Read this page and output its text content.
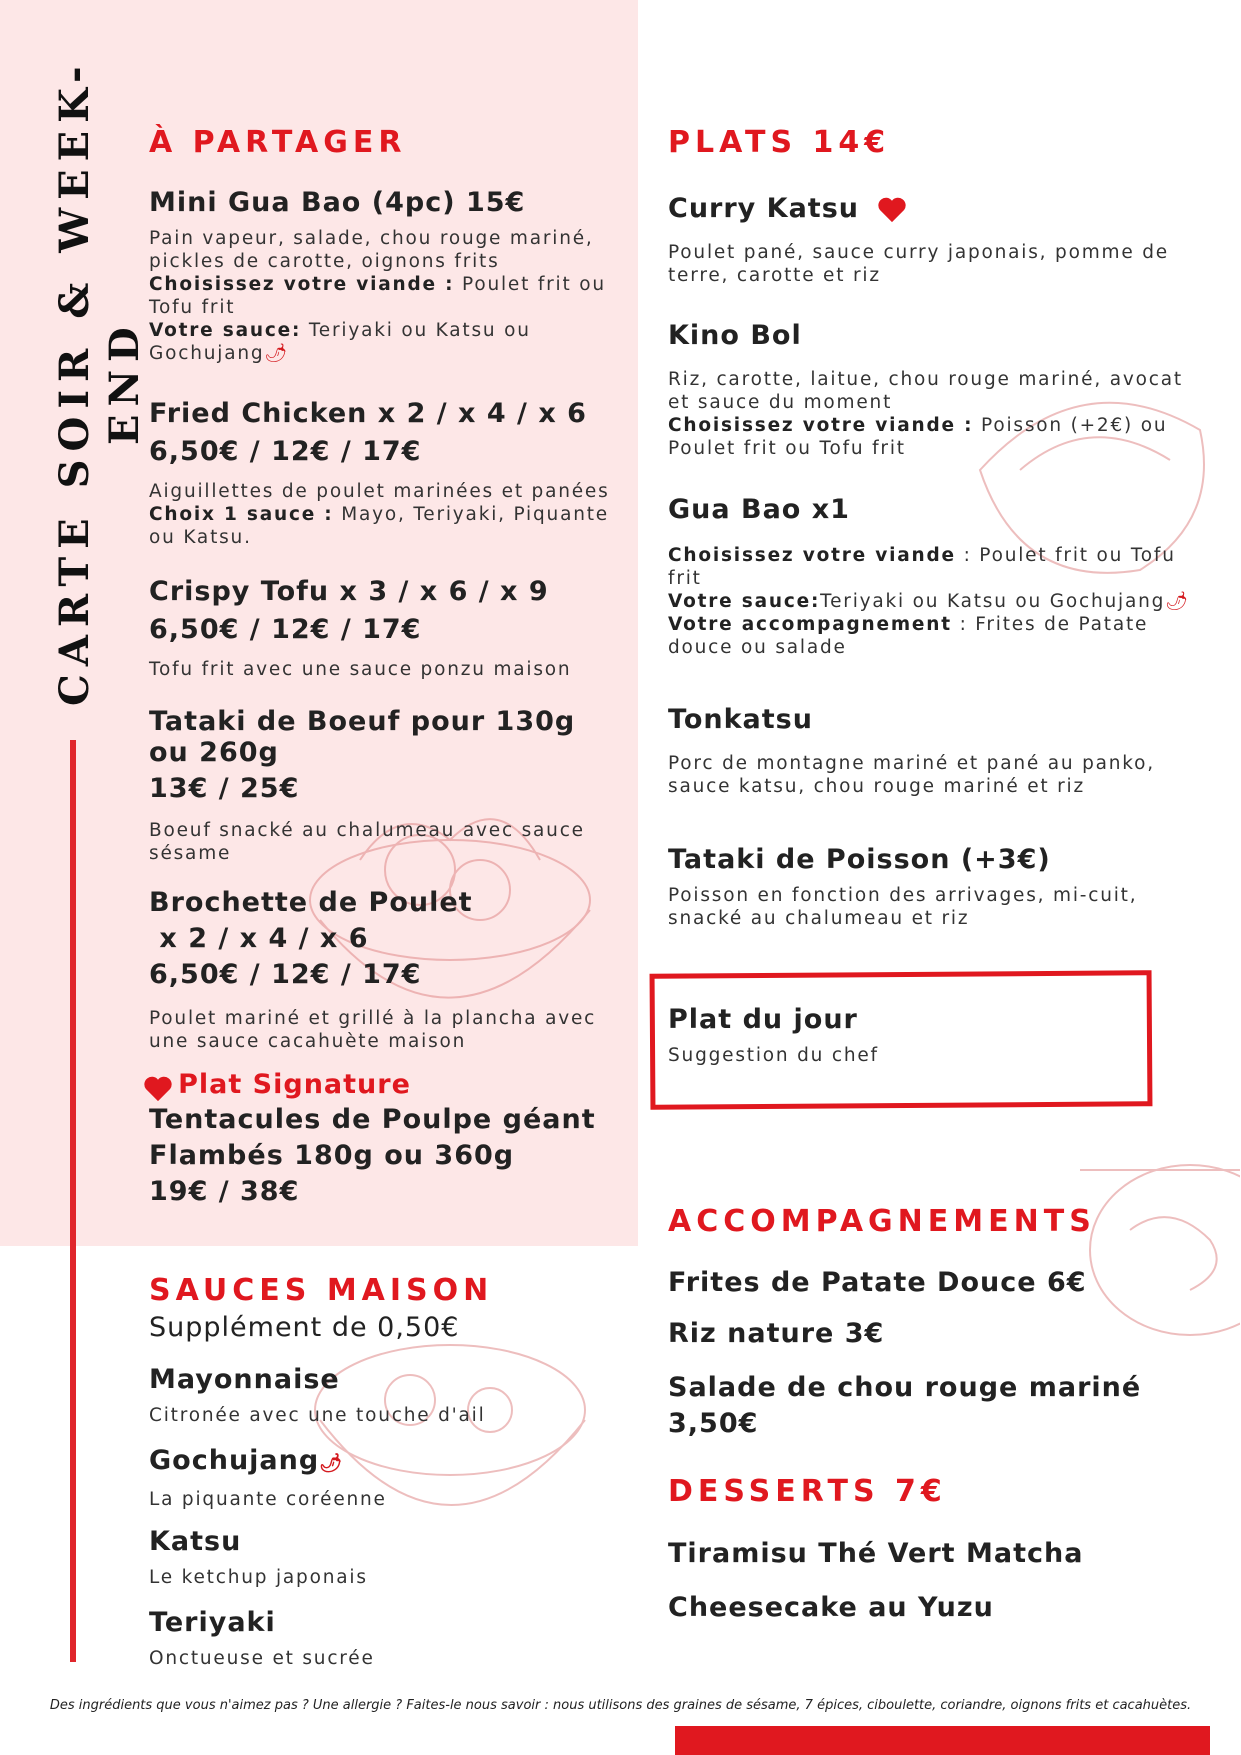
CARTE SOIR & WEEK-END
À PARTAGER
Mini Gua Bao (4pc) 15€
Pain vapeur, salade, chou rouge mariné, pickles de carotte, oignons frits
Choisissez votre viande : Poulet frit ou Tofu frit
Votre sauce: Teriyaki ou Katsu ou Gochujang🌶
Fried Chicken x 2 / x 4 / x 6
6,50€ / 12€ / 17€
Aiguillettes de poulet marinées et panées
Choix 1 sauce : Mayo, Teriyaki, Piquante ou Katsu.
Crispy Tofu x 3 / x 6 / x 9
6,50€ / 12€ / 17€
Tofu frit avec une sauce ponzu maison
Tataki de Boeuf pour 130g
ou 260g
13€ / 25€
Boeuf snacké au chalumeau avec sauce sésame
Brochette de Poulet
x 2 / x 4 / x 6
6,50€ / 12€ / 17€
Poulet mariné et grillé à la plancha avec une sauce cacahuète maison
Plat Signature
Tentacules de Poulpe géant
Flambés 180g ou 360g
19€ / 38€
SAUCES MAISON
Supplément de 0,50€
Mayonnaise
Citronée avec une touche d'ail
Gochujang🌶
La piquante coréenne
Katsu
Le ketchup japonais
Teriyaki
Onctueuse et sucrée
PLATS 14€
Curry Katsu
Poulet pané, sauce curry japonais, pomme de terre, carotte et riz
Kino Bol
Riz, carotte, laitue, chou rouge mariné, avocat et sauce du moment
Choisissez votre viande : Poisson (+2€) ou Poulet frit ou Tofu frit
Gua Bao x1
Choisissez votre viande : Poulet frit ou Tofu frit
Votre sauce:Teriyaki ou Katsu ou Gochujang🌶
Votre accompagnement : Frites de Patate douce ou salade
Tonkatsu
Porc de montagne mariné et pané au panko, sauce katsu, chou rouge mariné et riz
Tataki de Poisson (+3€)
Poisson en fonction des arrivages, mi-cuit, snacké au chalumeau et riz
Plat du jour
Suggestion du chef
ACCOMPAGNEMENTS
Frites de Patate Douce 6€
Riz nature 3€
Salade de chou rouge mariné 3,50€
DESSERTS 7€
Tiramisu Thé Vert Matcha
Cheesecake au Yuzu
Des ingrédients que vous n'aimez pas ? Une allergie ? Faites-le nous savoir : nous utilisons des graines de sésame, 7 épices, ciboulette, coriandre, oignons frits et cacahuètes.
